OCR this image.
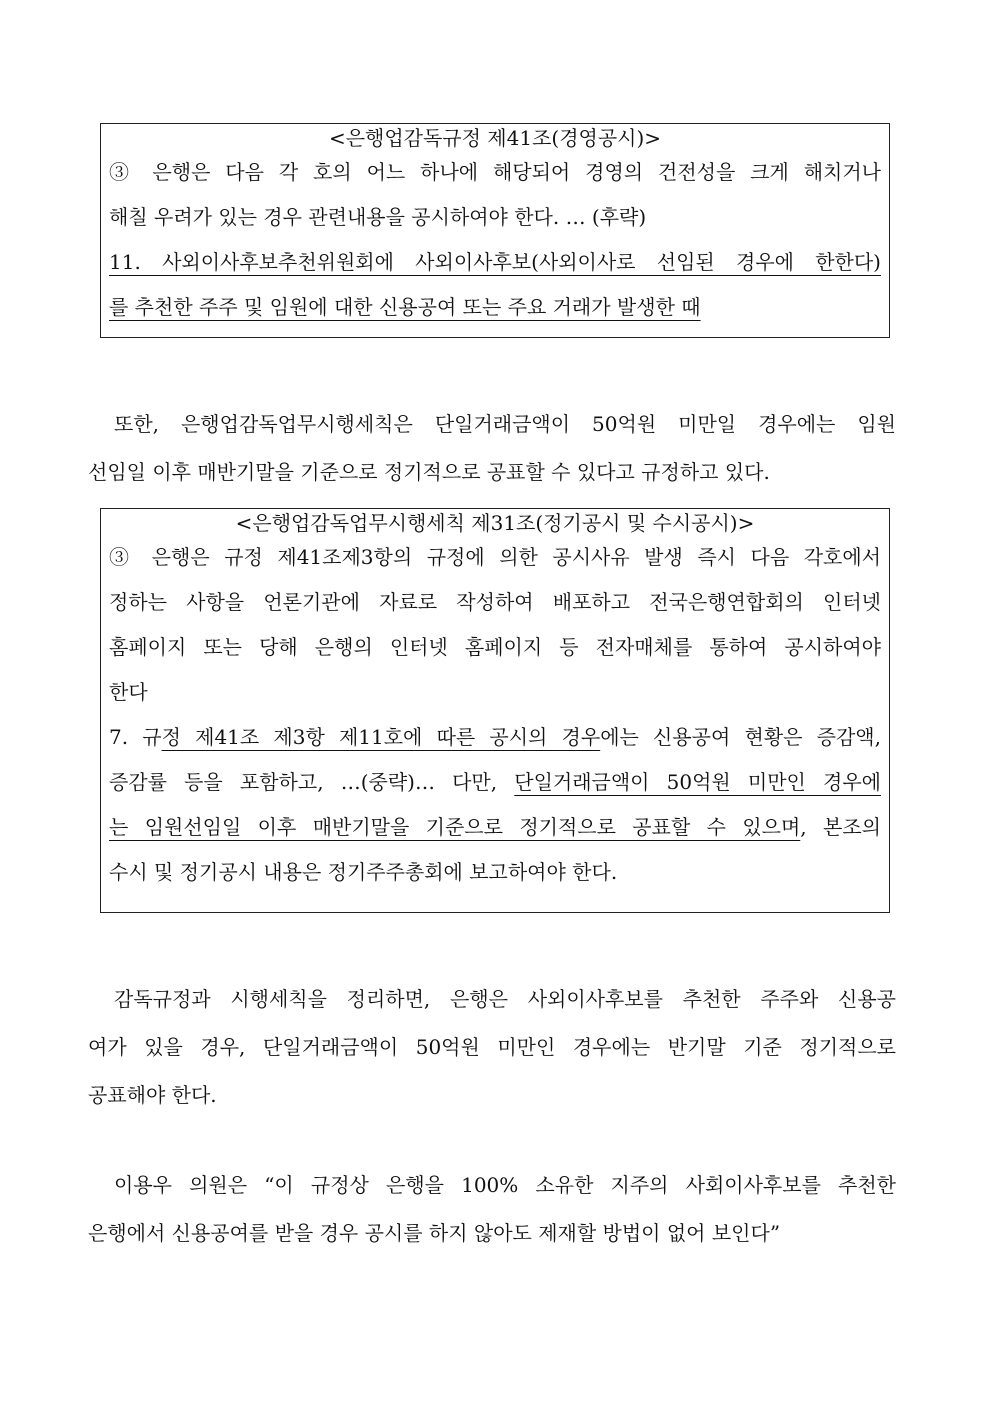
<은행업감독규정 제41조(경영공시)>
③ 은행은 다음 각 호의 어느 하나에 해당되어 경영의 건전성을 크게 해치거나
해칠 우려가 있는 경우 관련내용을 공시하여야 한다. … (후략)
11. 사외이사후보추천위원회에 사외이사후보(사외이사로 선임된 경우에 한한다)
를 추천한 주주 및 임원에 대한 신용공여 또는 주요 거래가 발생한 때
또한, 은행업감독업무시행세칙은 단일거래금액이 50억원 미만일 경우에는 임원
선임일 이후 매반기말을 기준으로 정기적으로 공표할 수 있다고 규정하고 있다.
<은행업감독업무시행세칙 제31조(정기공시 및 수시공시)>
③ 은행은 규정 제41조제3항의 규정에 의한 공시사유 발생 즉시 다음 각호에서
정하는 사항을 언론기관에 자료로 작성하여 배포하고 전국은행연합회의 인터넷
홈페이지 또는 당해 은행의 인터넷 홈페이지 등 전자매체를 통하여 공시하여야
한다
7. 규정 제41조 제3항 제11호에 따른 공시의 경우에는 신용공여 현황은 증감액,
증감률 등을 포함하고, …(중략)… 다만, 단일거래금액이 50억원 미만인 경우에
는 임원선임일 이후 매반기말을 기준으로 정기적으로 공표할 수 있으며, 본조의
수시 및 정기공시 내용은 정기주주총회에 보고하여야 한다.
감독규정과 시행세칙을 정리하면, 은행은 사외이사후보를 추천한 주주와 신용공
여가 있을 경우, 단일거래금액이 50억원 미만인 경우에는 반기말 기준 정기적으로
공표해야 한다.
이용우 의원은 “이 규정상 은행을 100% 소유한 지주의 사회이사후보를 추천한
은행에서 신용공여를 받을 경우 공시를 하지 않아도 제재할 방법이 없어 보인다”
